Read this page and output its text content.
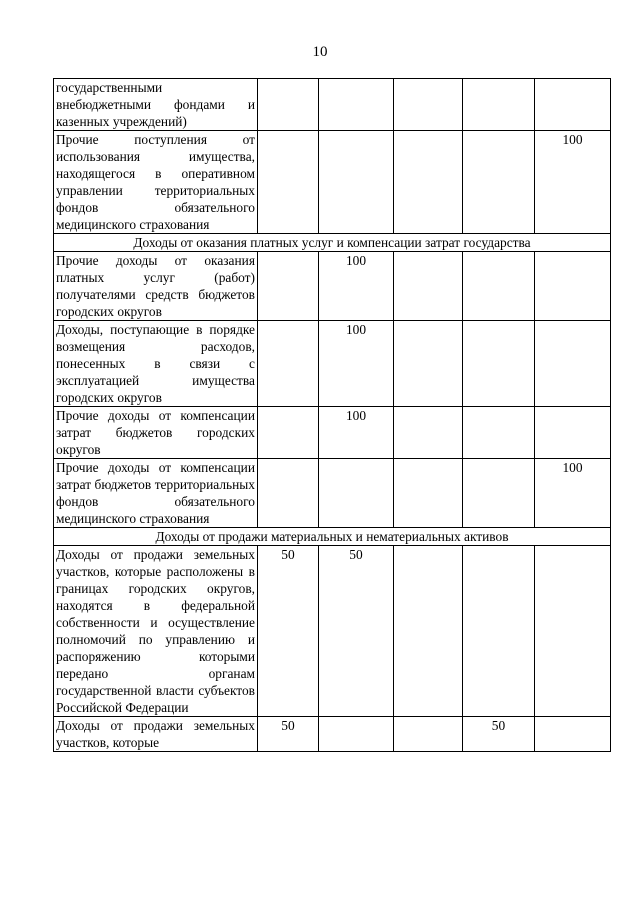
10
государственными внебюджетными фондами и казенных учреждений)					
Прочие поступления от использования имущества, находящегося в оперативном управлении территориальных фондов обязательного медицинского страхования					100
Доходы от оказания платных услуг и компенсации затрат государства					
Прочие доходы от оказания платных услуг (работ) получателями средств бюджетов городских округов		100			
Доходы, поступающие в порядке возмещения расходов, понесенных в связи с эксплуатацией имущества городских округов		100			
Прочие доходы от компенсации затрат бюджетов городских округов		100			
Прочие доходы от компенсации затрат бюджетов территориальных фондов обязательного медицинского страхования					100
Доходы от продажи материальных и нематериальных активов					
Доходы от продажи земельных участков, которые расположены в границах городских округов, находятся в федеральной собственности и осуществление полномочий по управлению и распоряжению которыми передано органам государственной власти субъектов Российской Федерации	50	50			
Доходы от продажи земельных участков, которые	50			50	
